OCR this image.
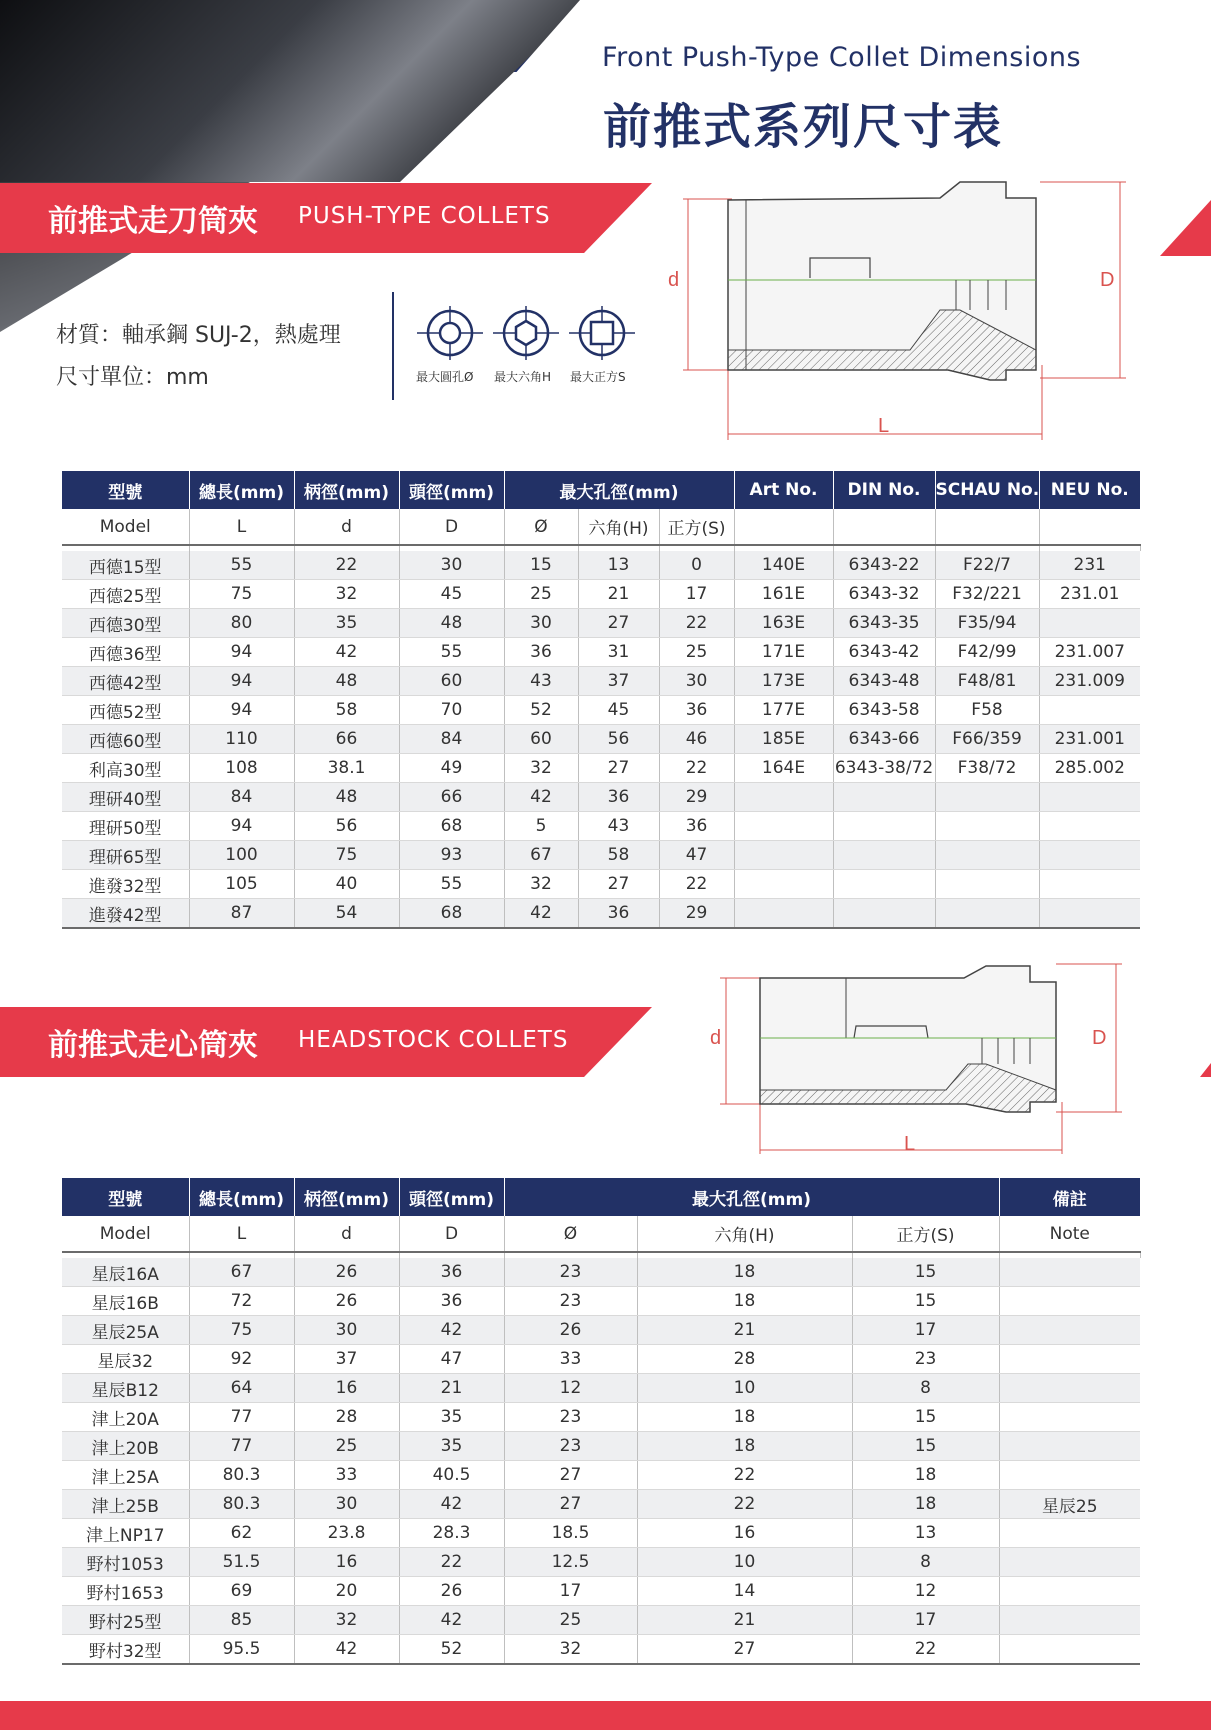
Front Push-Type Collet Dimensions
前推式系列尺寸表
前推式走刀筒夾 PUSH-TYPE COLLETS
材質：軸承鋼 SUJ-2，熱處理
尺寸單位：mm	最大圓孔Ø 最大六角H 最大正方S
d	D
L
型號	總長(mm)	柄徑(mm)	頭徑(mm)	最大孔徑(mm)			Art No.	DIN No.	SCHAU No.	NEU No.
Model	L	d	D	Ø	六角(H)	正方(S)				

西德15型	55	22	30	15	13	0	140E	6343-22	F22/7	231
西德25型	75	32	45	25	21	17	161E	6343-32	F32/221	231.01
西德30型	80	35	48	30	27	22	163E	6343-35	F35/94	
西德36型	94	42	55	36	31	25	171E	6343-42	F42/99	231.007
西德42型	94	48	60	43	37	30	173E	6343-48	F48/81	231.009
西德52型	94	58	70	52	45	36	177E	6343-58	F58	
西德60型	110	66	84	60	56	46	185E	6343-66	F66/359	231.001
利高30型	108	38.1	49	32	27	22	164E	6343-38/72	F38/72	285.002
理研40型	84	48	66	42	36	29				
理研50型	94	56	68	5	43	36				
理研65型	100	75	93	67	58	47				
進發32型	105	40	55	32	27	22				
進發42型	87	54	68	42	36	29				
前推式走心筒夾 HEADSTOCK COLLETS	d	D
L
型號	總長(mm)	柄徑(mm)	頭徑(mm)	最大孔徑(mm)			備註
Model	L	d	D	Ø	六角(H)	正方(S)	Note

星辰16A	67	26	36	23	18	15	
星辰16B	72	26	36	23	18	15	
星辰25A	75	30	42	26	21	17	
星辰32	92	37	47	33	28	23	
星辰B12	64	16	21	12	10	8	
津上20A	77	28	35	23	18	15	
津上20B	77	25	35	23	18	15	
津上25A	80.3	33	40.5	27	22	18	
津上25B	80.3	30	42	27	22	18	星辰25
津上NP17	62	23.8	28.3	18.5	16	13	
野村1053	51.5	16	22	12.5	10	8	
野村1653	69	20	26	17	14	12	
野村25型	85	32	42	25	21	17	
野村32型	95.5	42	52	32	27	22	
